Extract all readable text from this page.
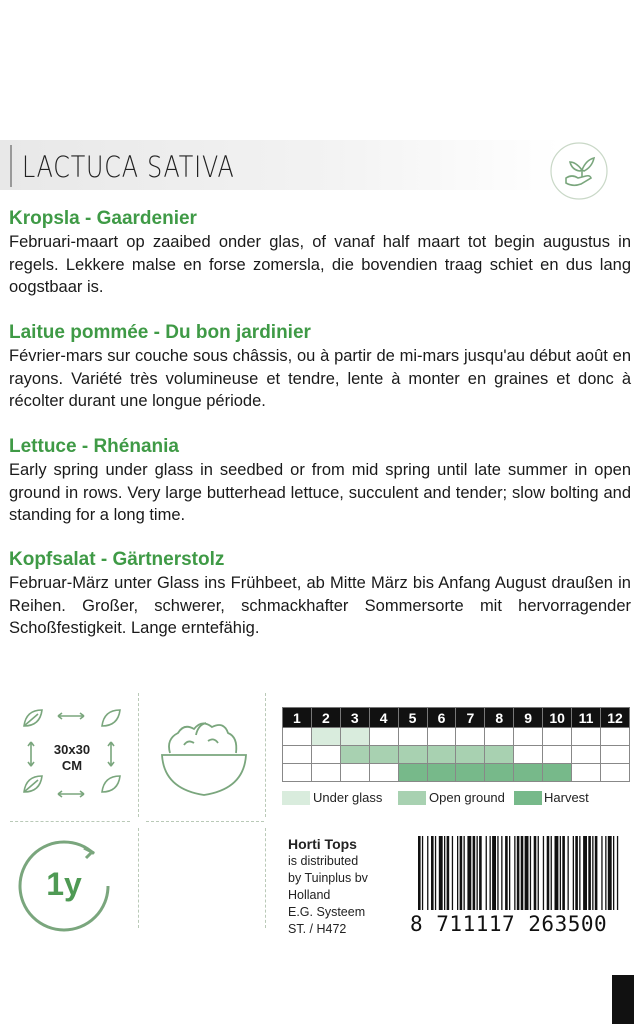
LACTUCA SATIVA
Kropsla - Gaardenier

Februari-maart op zaaibed onder glas, of vanaf half maart tot begin augustus in regels. Lekkere malse en forse zomersla, die bovendien traag schiet en dus lang oogstbaar is.

Laitue pommée - Du bon jardinier

Février-mars sur couche sous châssis, ou à partir de mi-mars jusqu'au début août en rayons. Variété très volumineuse et tendre, lente à monter en graines et donc à récolter durant une longue période.

Lettuce - Rhénania

Early spring under glass in seedbed or from mid spring until late summer in open ground in rows. Very large butterhead lettuce, succulent and tender; slow bolting and standing for a long time.

Kopfsalat - Gärtnerstolz

Februar-März unter Glass ins Frühbeet, ab Mitte März bis Anfang August draußen in Reihen. Großer, schwerer, schmackhafter Sommersorte mit hervorragender Schoßfestigkeit. Lange erntefähig.

30x30
CM
1y
1	2	3	4	5	6	7	8	9	10	11	12

Under glass	Open ground	Harvest
Horti Tops
is distributed
by Tuinplus bv
Holland
E.G. Systeem
ST. / H472	8 711117 263500
